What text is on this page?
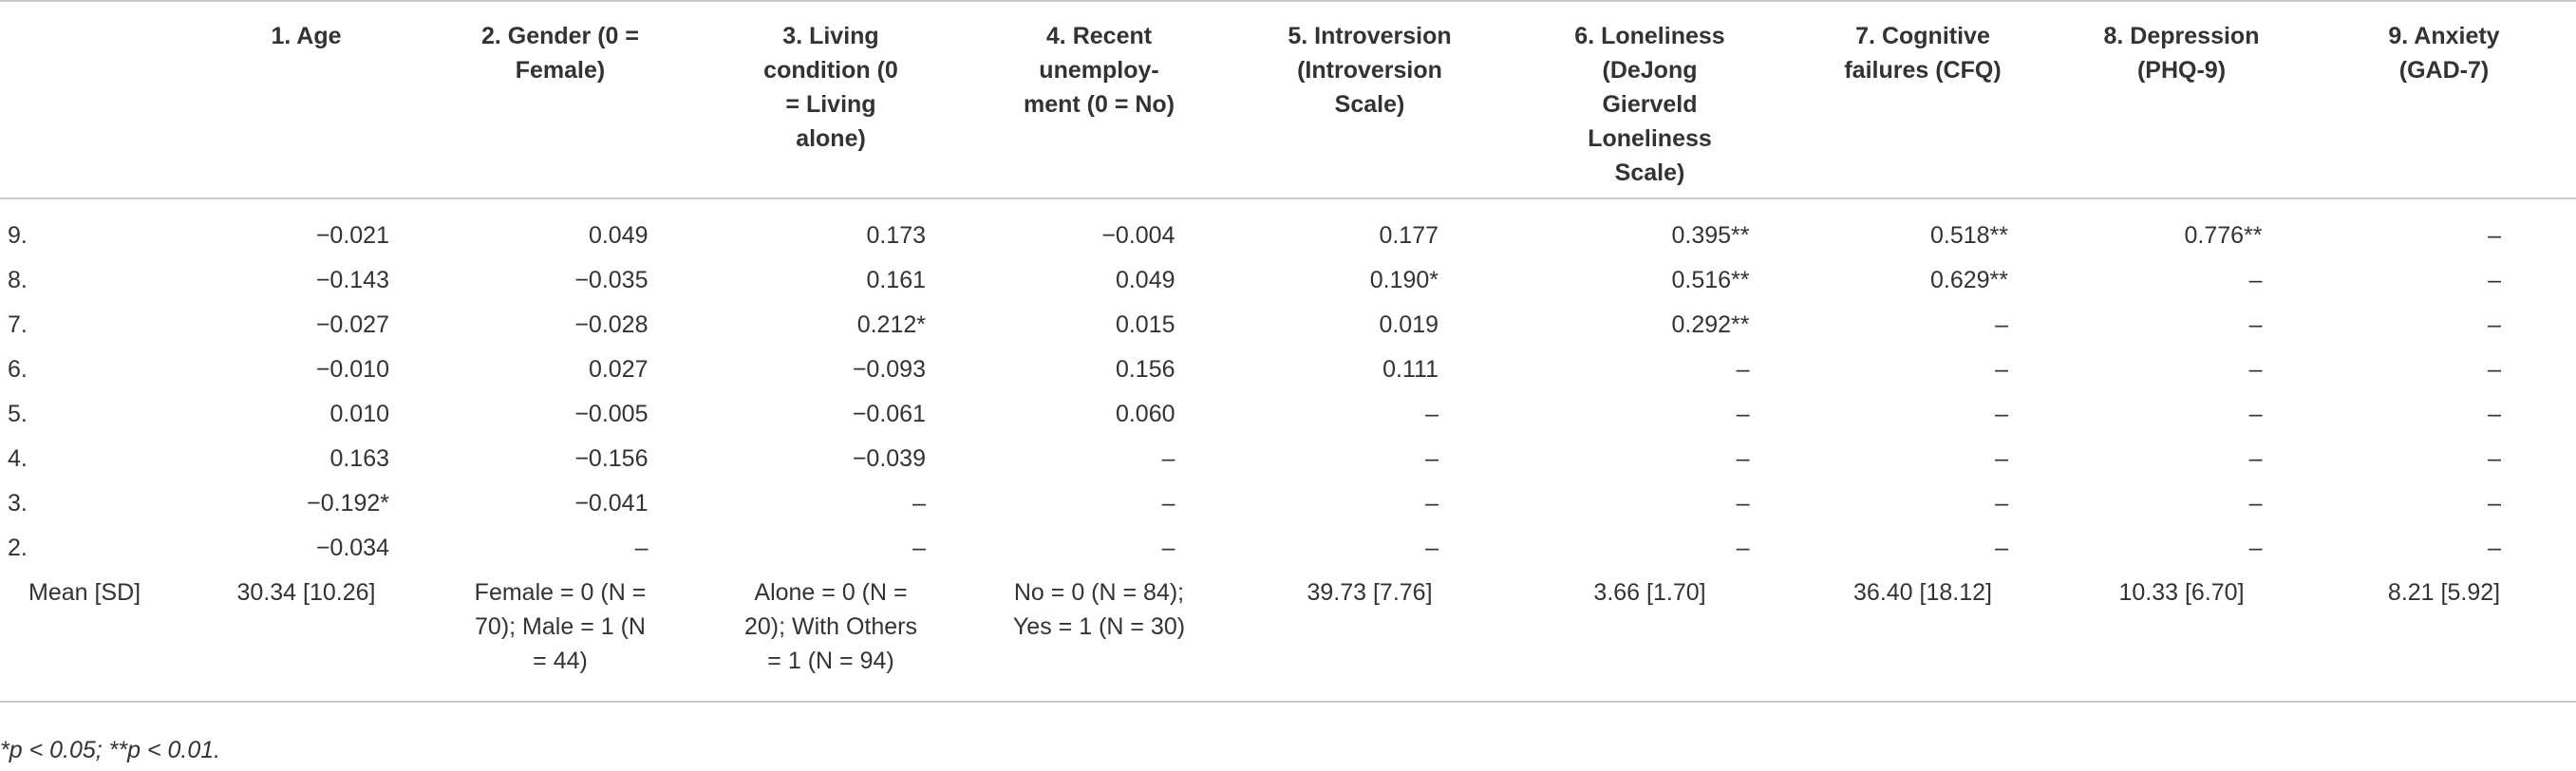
	1. Age	2. Gender (0 = Female)	3. Living condition (0 = Living alone)	4. Recent unemploy-ment (0 = No)	5. Introversion (Introversion Scale)	6. Loneliness (DeJong Gierveld Loneliness Scale)	7. Cognitive failures (CFQ)	8. Depression (PHQ-9)	9. Anxiety (GAD-7)

9.	−0.021	0.049	0.173	−0.004	0.177	0.395**	0.518**	0.776**	–
8.	−0.143	−0.035	0.161	0.049	0.190*	0.516**	0.629**	–	–
7.	−0.027	−0.028	0.212*	0.015	0.019	0.292**	–	–	–
6.	−0.010	0.027	−0.093	0.156	0.111	–	–	–	–
5.	0.010	−0.005	−0.061	0.060	–	–	–	–	–
4.	0.163	−0.156	−0.039	–	–	–	–	–	–
3.	−0.192*	−0.041	–	–	–	–	–	–	–
2.	−0.034	–	–	–	–	–	–	–	–
Mean [SD]	30.34 [10.26]	Female = 0 (N = 70); Male = 1 (N = 44)	Alone = 0 (N = 20); With Others = 1 (N = 94)	No = 0 (N = 84); Yes = 1 (N = 30)	39.73 [7.76]	3.66 [1.70]	36.40 [18.12]	10.33 [6.70]	8.21 [5.92]
*p < 0.05; **p < 0.01.
